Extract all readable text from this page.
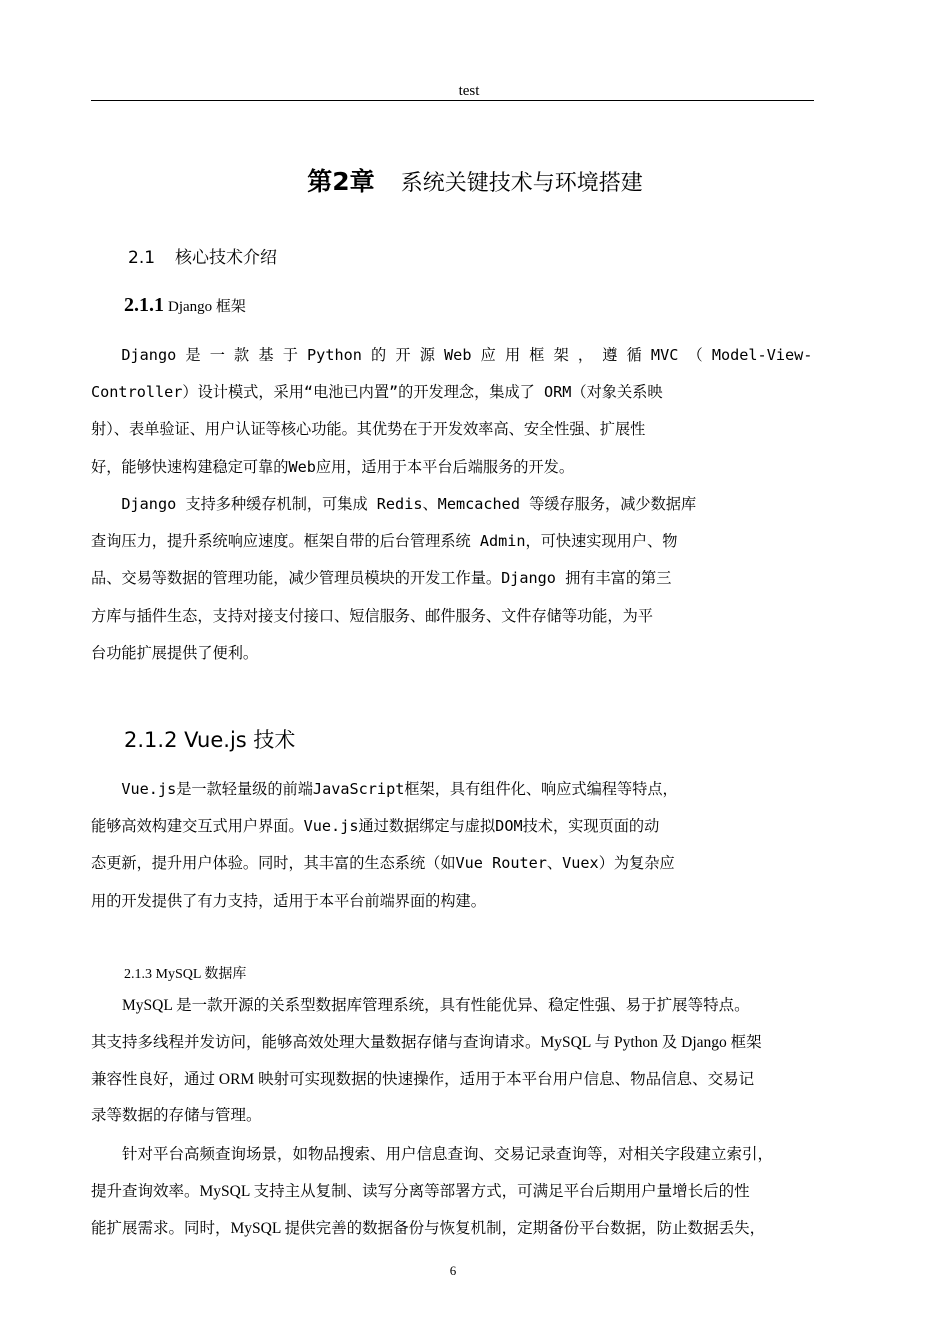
test
第2章 系统关键技术与环境搭建
2.1 核心技术介绍
2.1.1 Django 框架

　　Django 是 一 款 基 于 Python 的 开 源 Web 应 用 框 架 ， 遵 循 MVC （ Model-View-
Controller）设计模式，采用“电池已内置”的开发理念，集成了 ORM（对象关系映
射）、表单验证、用户认证等核心功能。其优势在于开发效率高、安全性强、扩展性
好，能够快速构建稳定可靠的Web应用，适用于本平台后端服务的开发。

　　Django 支持多种缓存机制，可集成 Redis、Memcached 等缓存服务，减少数据库
查询压力，提升系统响应速度。框架自带的后台管理系统 Admin，可快速实现用户、物
品、交易等数据的管理功能，减少管理员模块的开发工作量。Django 拥有丰富的第三
方库与插件生态，支持对接支付接口、短信服务、邮件服务、文件存储等功能，为平
台功能扩展提供了便利。

2.1.2 Vue.js 技术

　　Vue.js是一款轻量级的前端JavaScript框架，具有组件化、响应式编程等特点，
能够高效构建交互式用户界面。Vue.js通过数据绑定与虚拟DOM技术，实现页面的动
态更新，提升用户体验。同时，其丰富的生态系统（如Vue Router、Vuex）为复杂应
用的开发提供了有力支持，适用于本平台前端界面的构建。

2.1.3 MySQL 数据库

　　MySQL 是一款开源的关系型数据库管理系统，具有性能优异、稳定性强、易于扩展等特点。
其支持多线程并发访问，能够高效处理大量数据存储与查询请求。MySQL 与 Python 及 Django 框架
兼容性良好，通过 ORM 映射可实现数据的快速操作，适用于本平台用户信息、物品信息、交易记
录等数据的存储与管理。

　　针对平台高频查询场景，如物品搜索、用户信息查询、交易记录查询等，对相关字段建立索引，
提升查询效率。MySQL 支持主从复制、读写分离等部署方式，可满足平台后期用户量增长后的性
能扩展需求。同时，MySQL 提供完善的数据备份与恢复机制，定期备份平台数据，防止数据丢失，

6
